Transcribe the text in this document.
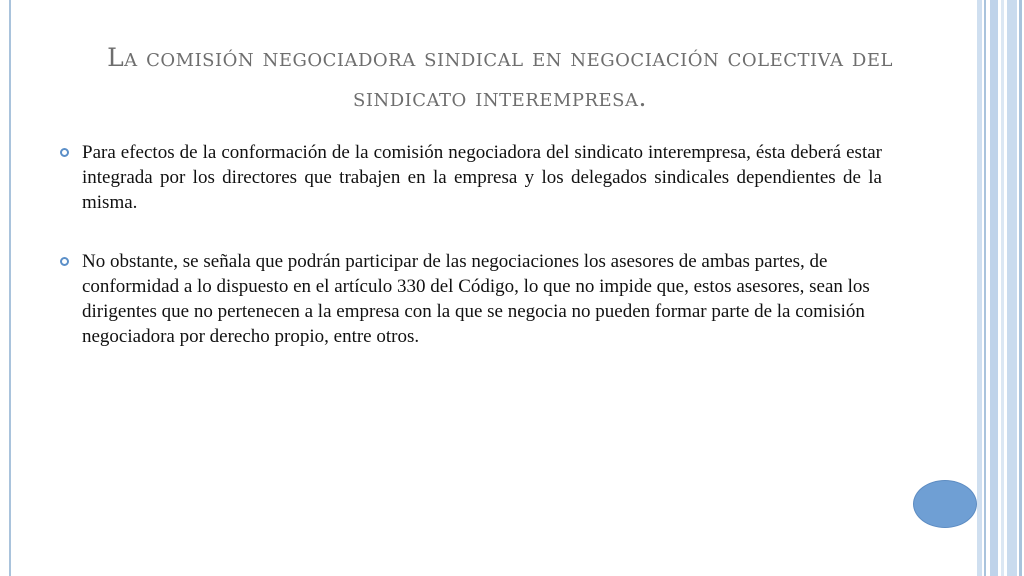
La comisión negociadora sindical en negociación colectiva del sindicato interempresa.
Para efectos de la conformación de la comisión negociadora del sindicato interempresa, ésta deberá estar integrada por los directores que trabajen en la empresa y los delegados sindicales dependientes de la misma.
No obstante, se señala que podrán participar de las negociaciones los asesores de ambas partes, de conformidad a lo dispuesto en el artículo 330 del Código, lo que no impide que, estos asesores, sean los dirigentes que no pertenecen a la empresa con la que se negocia no pueden formar parte de la comisión negociadora por derecho propio, entre otros.
